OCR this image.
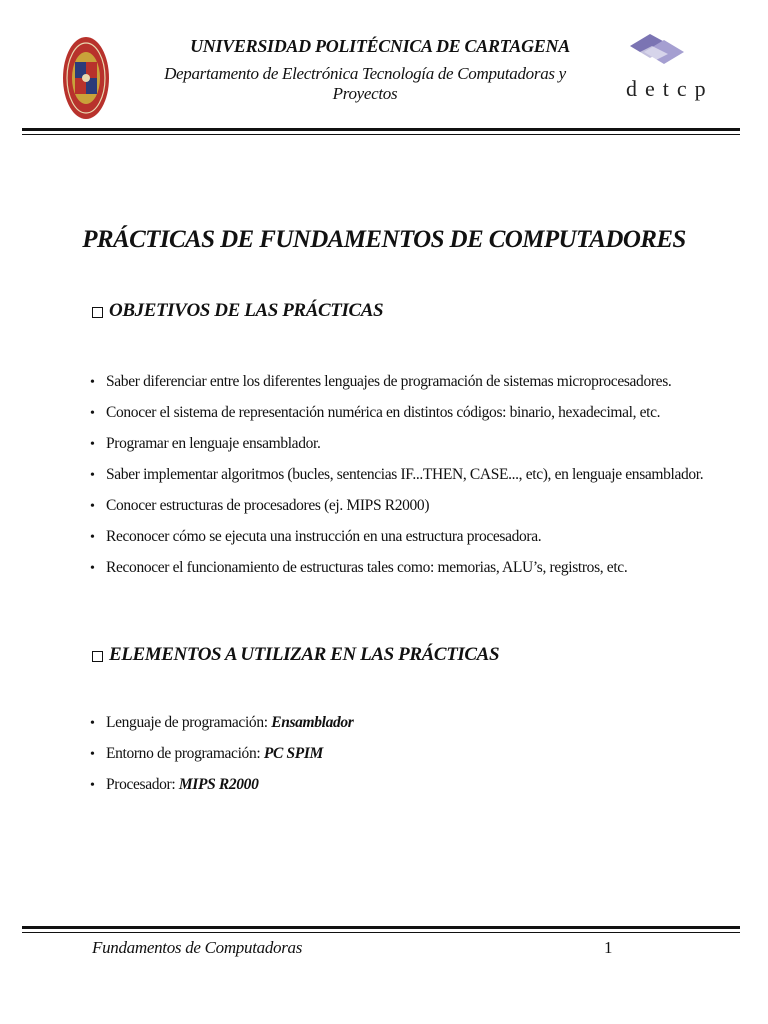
UNIVERSIDAD POLITÉCNICA DE CARTAGENA
Departamento de Electrónica Tecnología de Computadoras y Proyectos	detcp
PRÁCTICAS DE FUNDAMENTOS DE COMPUTADORES
OBJETIVOS DE LAS PRÁCTICAS
• Saber diferenciar entre los diferentes lenguajes de programación de sistemas microprocesadores.
• Conocer el sistema de representación numérica en distintos códigos: binario, hexadecimal, etc.
• Programar en lenguaje ensamblador.
• Saber implementar algoritmos (bucles, sentencias IF...THEN, CASE..., etc), en lenguaje ensamblador.
• Conocer estructuras de procesadores (ej. MIPS R2000)
• Reconocer cómo se ejecuta una instrucción en una estructura procesadora.
• Reconocer el funcionamiento de estructuras tales como: memorias, ALU’s, registros, etc.
ELEMENTOS A UTILIZAR EN LAS PRÁCTICAS
• Lenguaje de programación: Ensamblador
• Entorno de programación: PC SPIM
• Procesador: MIPS R2000
Fundamentos de Computadoras	1
